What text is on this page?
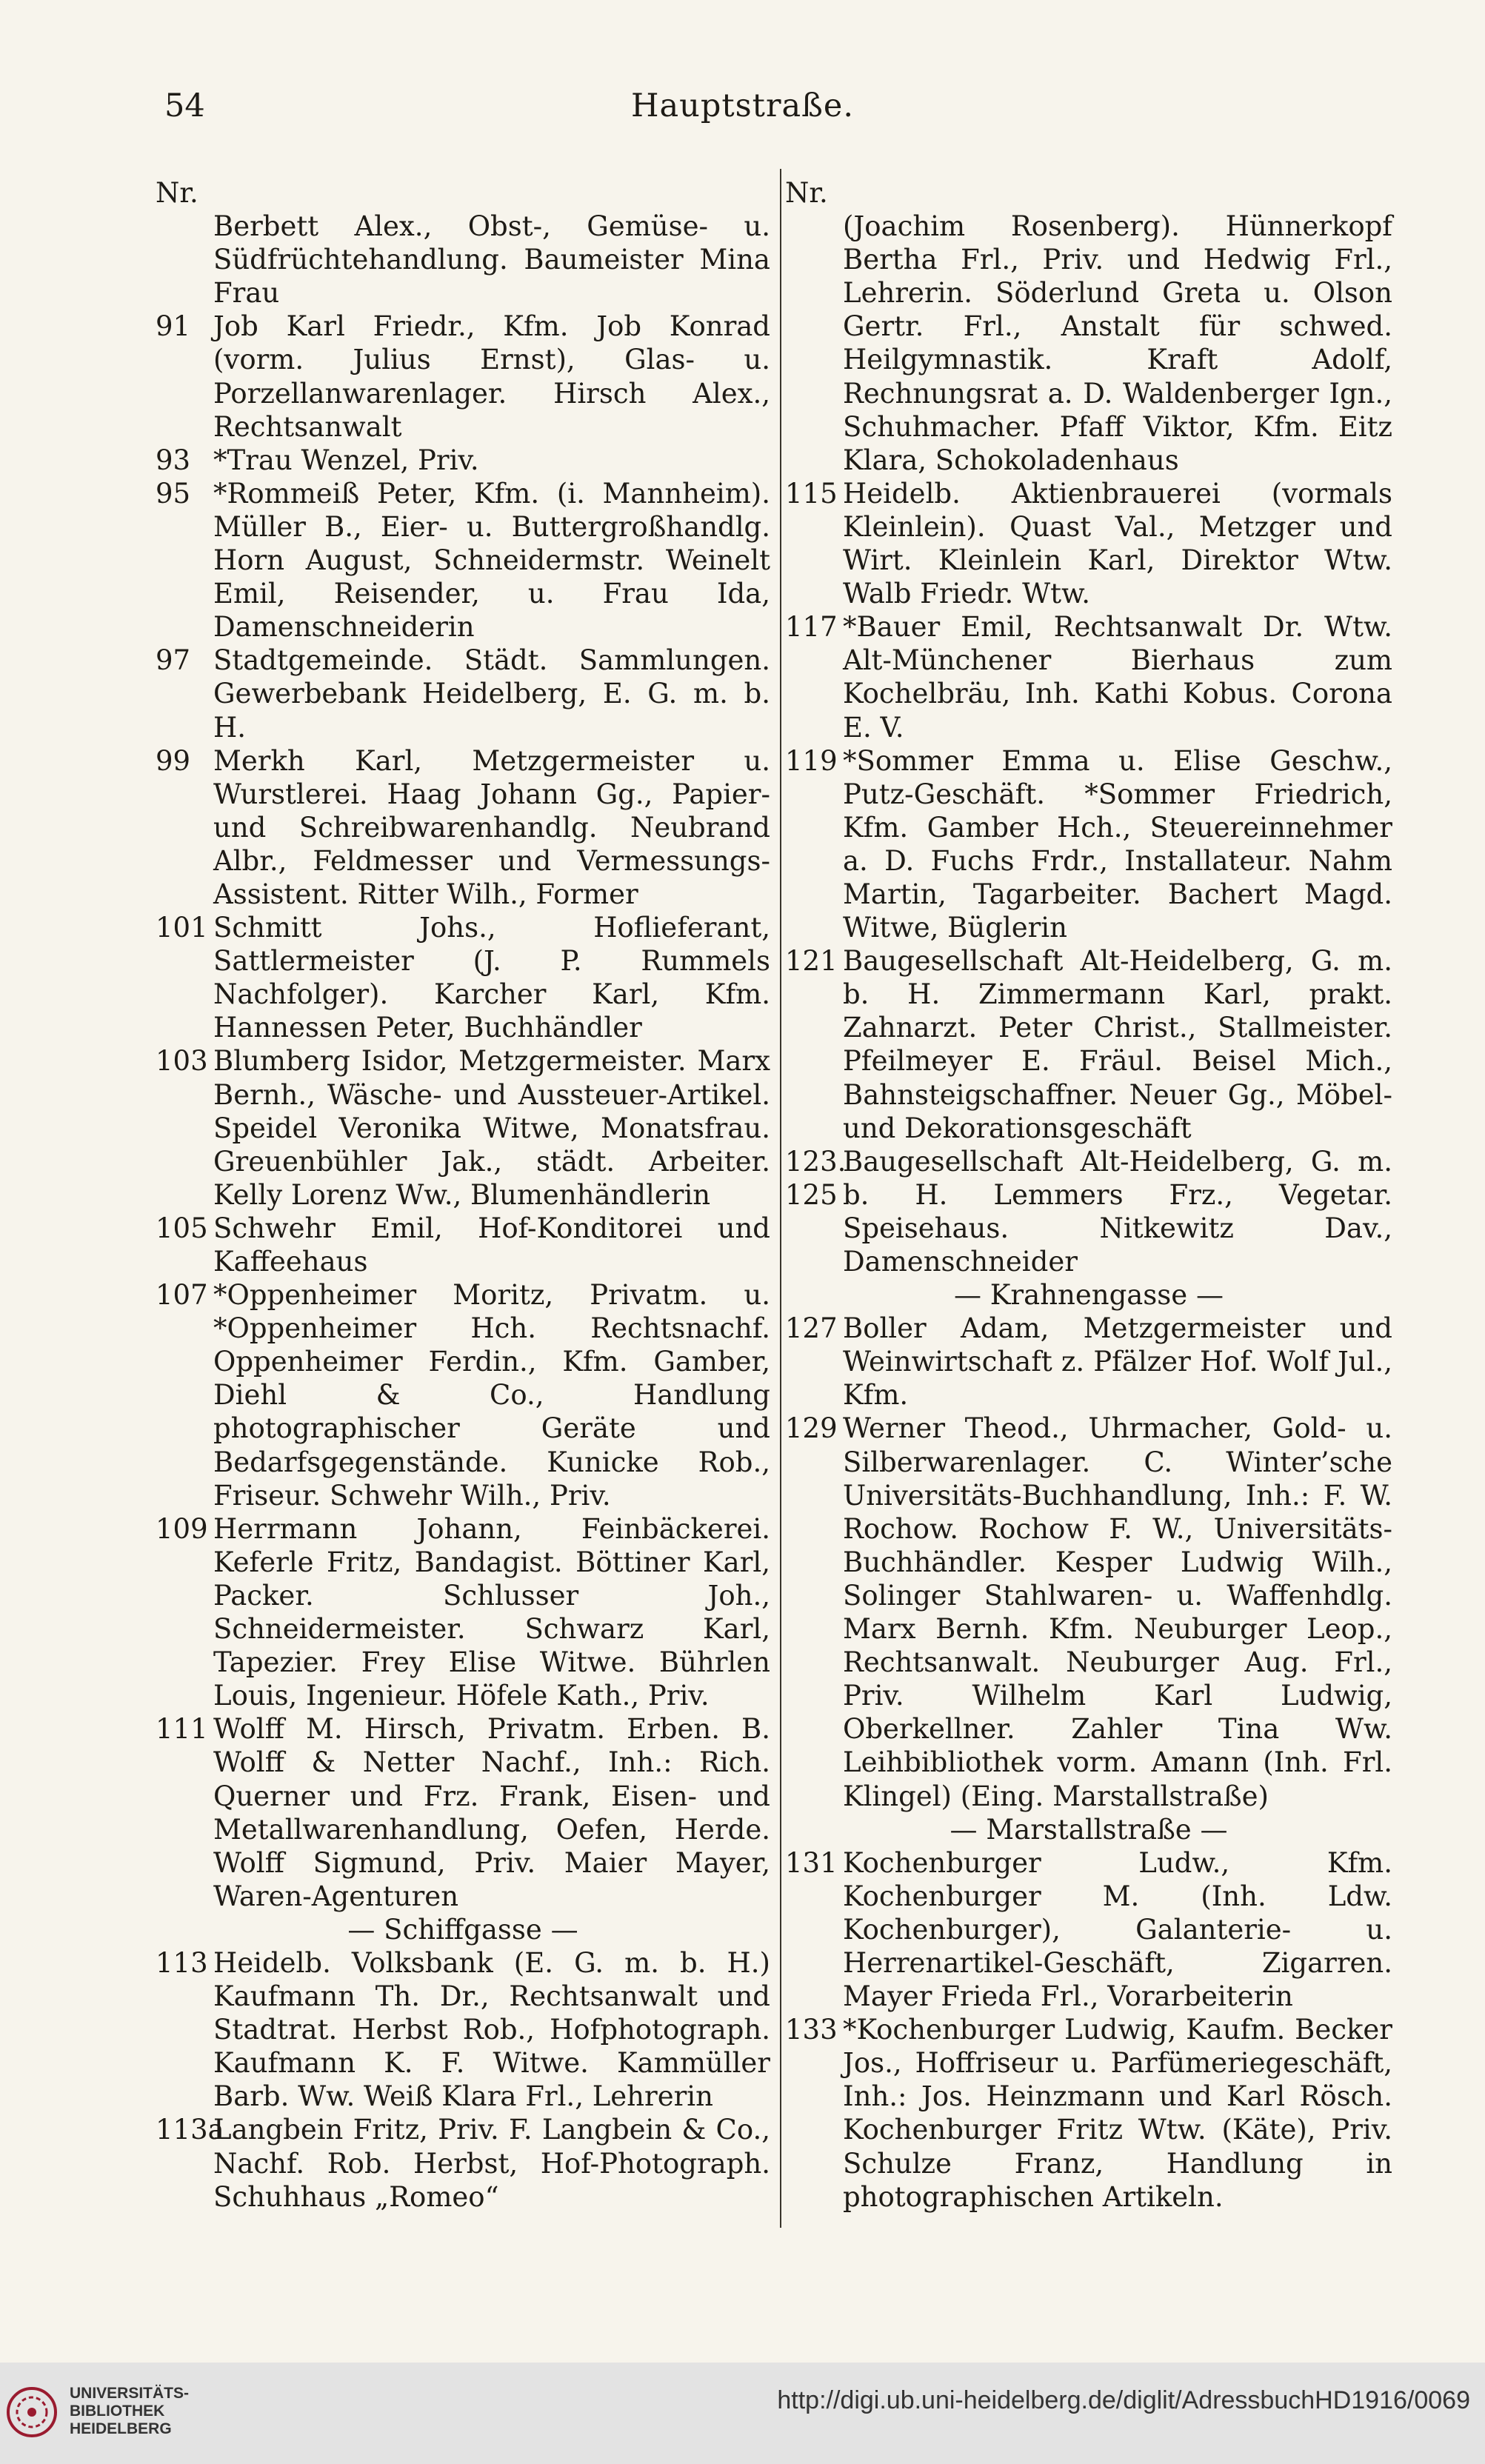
54	Hauptstraße.
Nr.
Berbett Alex., Obst-, Gemüse- u. Südfrüchtehandlung. Baumeister Mina Frau
91 Job Karl Friedr., Kfm. Job Konrad (vorm. Julius Ernst), Glas- u. Porzellanwarenlager. Hirsch Alex., Rechtsanwalt
93 *Trau Wenzel, Priv.
95 *Rommeiß Peter, Kfm. (i. Mannheim). Müller B., Eier- u. Buttergroßhandlg. Horn August, Schneidermstr. Weinelt Emil, Reisender, u. Frau Ida, Damenschneiderin
97 Stadtgemeinde. Städt. Sammlungen. Gewerbebank Heidelberg, E. G. m. b. H.
99 Merkh Karl, Metzgermeister u. Wurstlerei. Haag Johann Gg., Papier- und Schreibwarenhandlg. Neubrand Albr., Feldmesser und Vermessungs-Assistent. Ritter Wilh., Former
101 Schmitt Johs., Hoflieferant, Sattlermeister (J. P. Rummels Nachfolger). Karcher Karl, Kfm. Hannessen Peter, Buchhändler
103 Blumberg Isidor, Metzgermeister. Marx Bernh., Wäsche- und Aussteuer-Artikel. Speidel Veronika Witwe, Monatsfrau. Greuenbühler Jak., städt. Arbeiter. Kelly Lorenz Ww., Blumenhändlerin
105 Schwehr Emil, Hof-Konditorei und Kaffeehaus
107 *Oppenheimer Moritz, Privatm. u. *Oppenheimer Hch. Rechtsnachf. Oppenheimer Ferdin., Kfm. Gamber, Diehl & Co., Handlung photographischer Geräte und Bedarfsgegenstände. Kunicke Rob., Friseur. Schwehr Wilh., Priv.
109 Herrmann Johann, Feinbäckerei. Keferle Fritz, Bandagist. Böttiner Karl, Packer. Schlusser Joh., Schneidermeister. Schwarz Karl, Tapezier. Frey Elise Witwe. Bührlen Louis, Ingenieur. Höfele Kath., Priv.
111 Wolff M. Hirsch, Privatm. Erben. B. Wolff & Netter Nachf., Inh.: Rich. Querner und Frz. Frank, Eisen- und Metallwarenhandlung, Oefen, Herde. Wolff Sigmund, Priv. Maier Mayer, Waren-Agenturen
— Schiffgasse —
113 Heidelb. Volksbank (E. G. m. b. H.) Kaufmann Th. Dr., Rechtsanwalt und Stadtrat. Herbst Rob., Hofphotograph. Kaufmann K. F. Witwe. Kammüller Barb. Ww. Weiß Klara Frl., Lehrerin
113a
Langbein Fritz, Priv. F. Langbein & Co., Nachf. Rob. Herbst, Hof-Photograph. Schuhhaus „Romeo“
Nr.
(Joachim Rosenberg). Hünnerkopf Bertha Frl., Priv. und Hedwig Frl., Lehrerin. Söderlund Greta u. Olson Gertr. Frl., Anstalt für schwed. Heilgymnastik. Kraft Adolf, Rechnungsrat a. D. Waldenberger Ign., Schuhmacher. Pfaff Viktor, Kfm. Eitz Klara, Schokoladenhaus
115 Heidelb. Aktienbrauerei (vormals Kleinlein). Quast Val., Metzger und Wirt. Kleinlein Karl, Direktor Wtw. Walb Friedr. Wtw.
117 *Bauer Emil, Rechtsanwalt Dr. Wtw. Alt-Münchener Bierhaus zum Kochelbräu, Inh. Kathi Kobus. Corona E. V.
119 *Sommer Emma u. Elise Geschw., Putz-Geschäft. *Sommer Friedrich, Kfm. Gamber Hch., Steuereinnehmer a. D. Fuchs Frdr., Installateur. Nahm Martin, Tagarbeiter. Bachert Magd. Witwe, Büglerin
121 Baugesellschaft Alt-Heidelberg, G. m. b. H. Zimmermann Karl, prakt. Zahnarzt. Peter Christ., Stallmeister. Pfeilmeyer E. Fräul. Beisel Mich., Bahnsteigschaffner. Neuer Gg., Möbel- und Dekorationsgeschäft
123. 125
Baugesellschaft Alt-Heidelberg, G. m. b. H. Lemmers Frz., Vegetar. Speisehaus. Nitkewitz Dav., Damenschneider
— Krahnengasse —
127 Boller Adam, Metzgermeister und Weinwirtschaft z. Pfälzer Hof. Wolf Jul., Kfm.
129 Werner Theod., Uhrmacher, Gold- u. Silberwarenlager. C. Winter’sche Universitäts-Buchhandlung, Inh.: F. W. Rochow. Rochow F. W., Universitäts-Buchhändler. Kesper Ludwig Wilh., Solinger Stahlwaren- u. Waffenhdlg. Marx Bernh. Kfm. Neuburger Leop., Rechtsanwalt. Neuburger Aug. Frl., Priv. Wilhelm Karl Ludwig, Oberkellner. Zahler Tina Ww. Leihbibliothek vorm. Amann (Inh. Frl. Klingel) (Eing. Marstallstraße)
— Marstallstraße —
131 Kochenburger Ludw., Kfm. Kochenburger M. (Inh. Ldw. Kochenburger), Galanterie- u. Herrenartikel-Geschäft, Zigarren. Mayer Frieda Frl., Vorarbeiterin
133 *Kochenburger Ludwig, Kaufm. Becker Jos., Hoffriseur u. Parfümeriegeschäft, Inh.: Jos. Heinzmann und Karl Rösch. Kochenburger Fritz Wtw. (Käte), Priv. Schulze Franz, Handlung in photographischen Artikeln.
UNIVERSITÄTS-
BIBLIOTHEK
HEIDELBERG
http://digi.ub.uni-heidelberg.de/diglit/AdressbuchHD1916/0069
